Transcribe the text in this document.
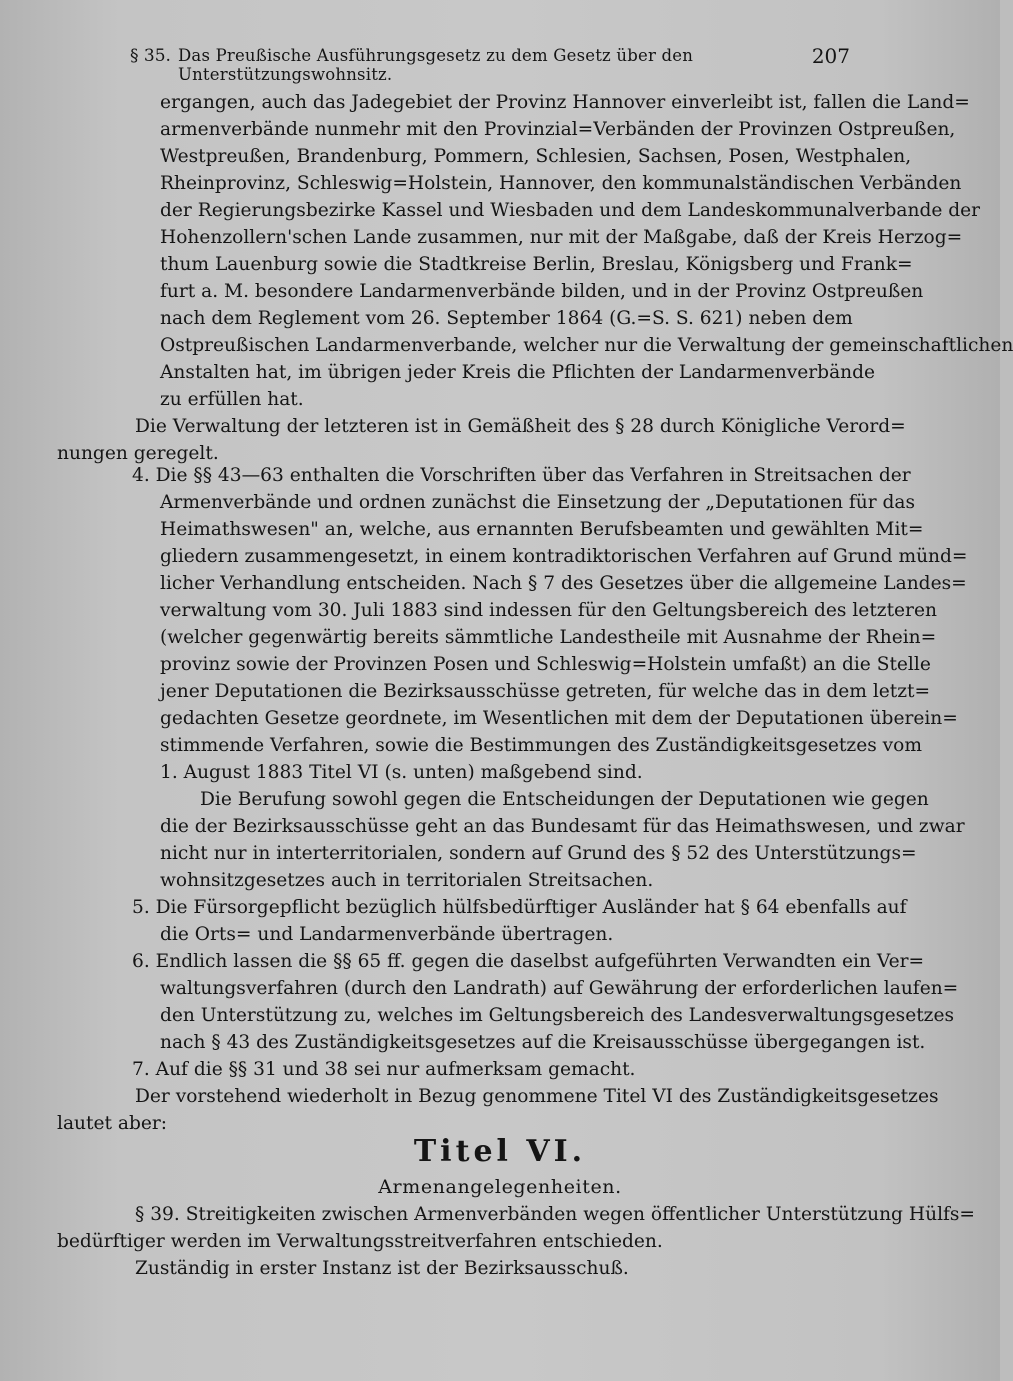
§ 35. Das Preußische Ausführungsgesetz zu dem Gesetz über den Unterstützungswohnsitz.
207
ergangen, auch das Jadegebiet der Provinz Hannover einverleibt ist, fallen die Land=
armenverbände nunmehr mit den Provinzial=Verbänden der Provinzen Ostpreußen,
Westpreußen, Brandenburg, Pommern, Schlesien, Sachsen, Posen, Westphalen,
Rheinprovinz, Schleswig=Holstein, Hannover, den kommunalständischen Verbänden
der Regierungsbezirke Kassel und Wiesbaden und dem Landeskommunalverbande der
Hohenzollern'schen Lande zusammen, nur mit der Maßgabe, daß der Kreis Herzog=
thum Lauenburg sowie die Stadtkreise Berlin, Breslau, Königsberg und Frank=
furt a. M. besondere Landarmenverbände bilden, und in der Provinz Ostpreußen
nach dem Reglement vom 26. September 1864 (G.=S. S. 621) neben dem
Ostpreußischen Landarmenverbande, welcher nur die Verwaltung der gemeinschaftlichen
Anstalten hat, im übrigen jeder Kreis die Pflichten der Landarmenverbände
zu erfüllen hat.
Die Verwaltung der letzteren ist in Gemäßheit des § 28 durch Königliche Verord=
nungen geregelt.
4. Die §§ 43—63 enthalten die Vorschriften über das Verfahren in Streitsachen der
Armenverbände und ordnen zunächst die Einsetzung der „Deputationen für das
Heimathswesen" an, welche, aus ernannten Berufsbeamten und gewählten Mit=
gliedern zusammengesetzt, in einem kontradiktorischen Verfahren auf Grund münd=
licher Verhandlung entscheiden. Nach § 7 des Gesetzes über die allgemeine Landes=
verwaltung vom 30. Juli 1883 sind indessen für den Geltungsbereich des letzteren
(welcher gegenwärtig bereits sämmtliche Landestheile mit Ausnahme der Rhein=
provinz sowie der Provinzen Posen und Schleswig=Holstein umfaßt) an die Stelle
jener Deputationen die Bezirksausschüsse getreten, für welche das in dem letzt=
gedachten Gesetze geordnete, im Wesentlichen mit dem der Deputationen überein=
stimmende Verfahren, sowie die Bestimmungen des Zuständigkeitsgesetzes vom
1. August 1883 Titel VI (s. unten) maßgebend sind.
Die Berufung sowohl gegen die Entscheidungen der Deputationen wie gegen
die der Bezirksausschüsse geht an das Bundesamt für das Heimathswesen, und zwar
nicht nur in interterritorialen, sondern auf Grund des § 52 des Unterstützungs=
wohnsitzgesetzes auch in territorialen Streitsachen.
5. Die Fürsorgepflicht bezüglich hülfsbedürftiger Ausländer hat § 64 ebenfalls auf
die Orts= und Landarmenverbände übertragen.
6. Endlich lassen die §§ 65 ff. gegen die daselbst aufgeführten Verwandten ein Ver=
waltungsverfahren (durch den Landrath) auf Gewährung der erforderlichen laufen=
den Unterstützung zu, welches im Geltungsbereich des Landesverwaltungsgesetzes
nach § 43 des Zuständigkeitsgesetzes auf die Kreisausschüsse übergegangen ist.
7. Auf die §§ 31 und 38 sei nur aufmerksam gemacht.
Der vorstehend wiederholt in Bezug genommene Titel VI des Zuständigkeitsgesetzes
lautet aber:
Titel VI.
Armenangelegenheiten.
§ 39. Streitigkeiten zwischen Armenverbänden wegen öffentlicher Unterstützung Hülfs=
bedürftiger werden im Verwaltungsstreitverfahren entschieden.
Zuständig in erster Instanz ist der Bezirksausschuß.
